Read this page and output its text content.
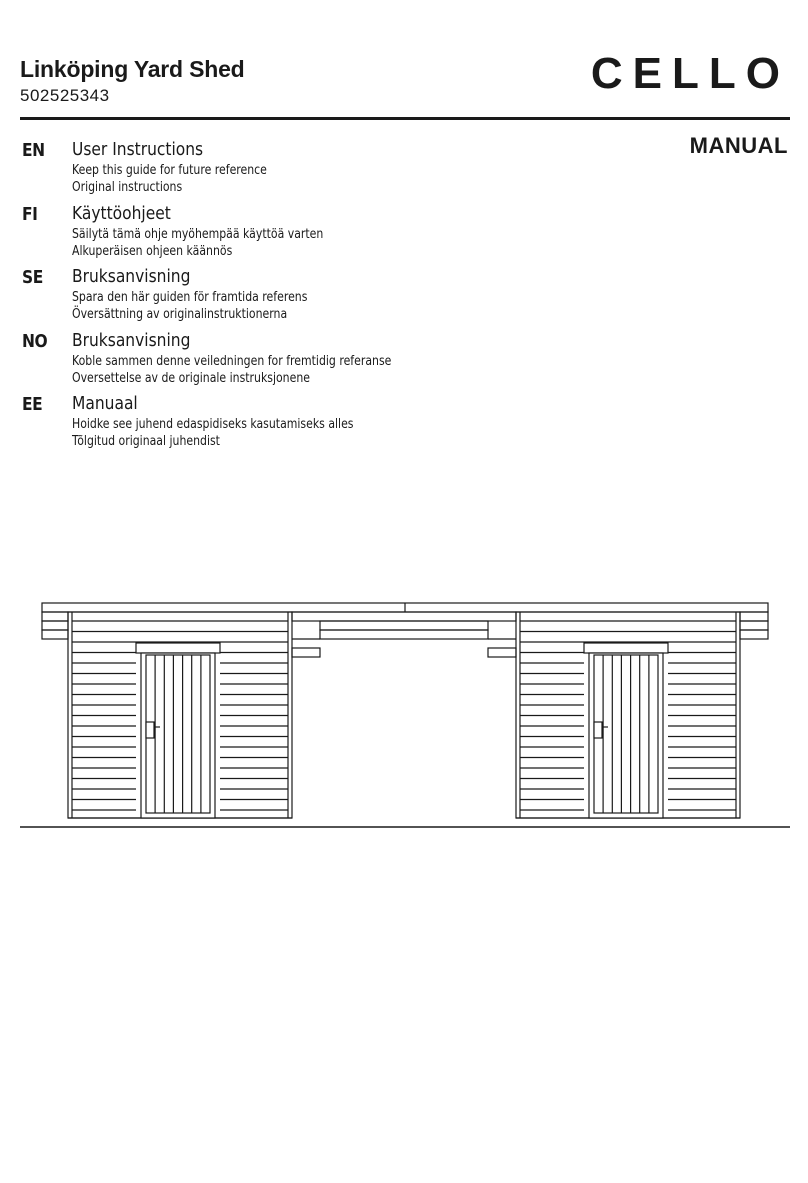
Linköping Yard Shed
502525343	CELLO
MANUAL
EN User Instructions
Keep this guide for future reference
Original instructions
FI Käyttöohjeet
Säilytä tämä ohje myöhempää käyttöä varten
Alkuperäisen ohjeen käännös
SE Bruksanvisning
Spara den här guiden för framtida referens
Översättning av originalinstruktionerna
NO Bruksanvisning
Koble sammen denne veiledningen for fremtidig referanse
Oversettelse av de originale instruksjonene
EE Manuaal
Hoidke see juhend edaspidiseks kasutamiseks alles
Tõlgitud originaal juhendist
